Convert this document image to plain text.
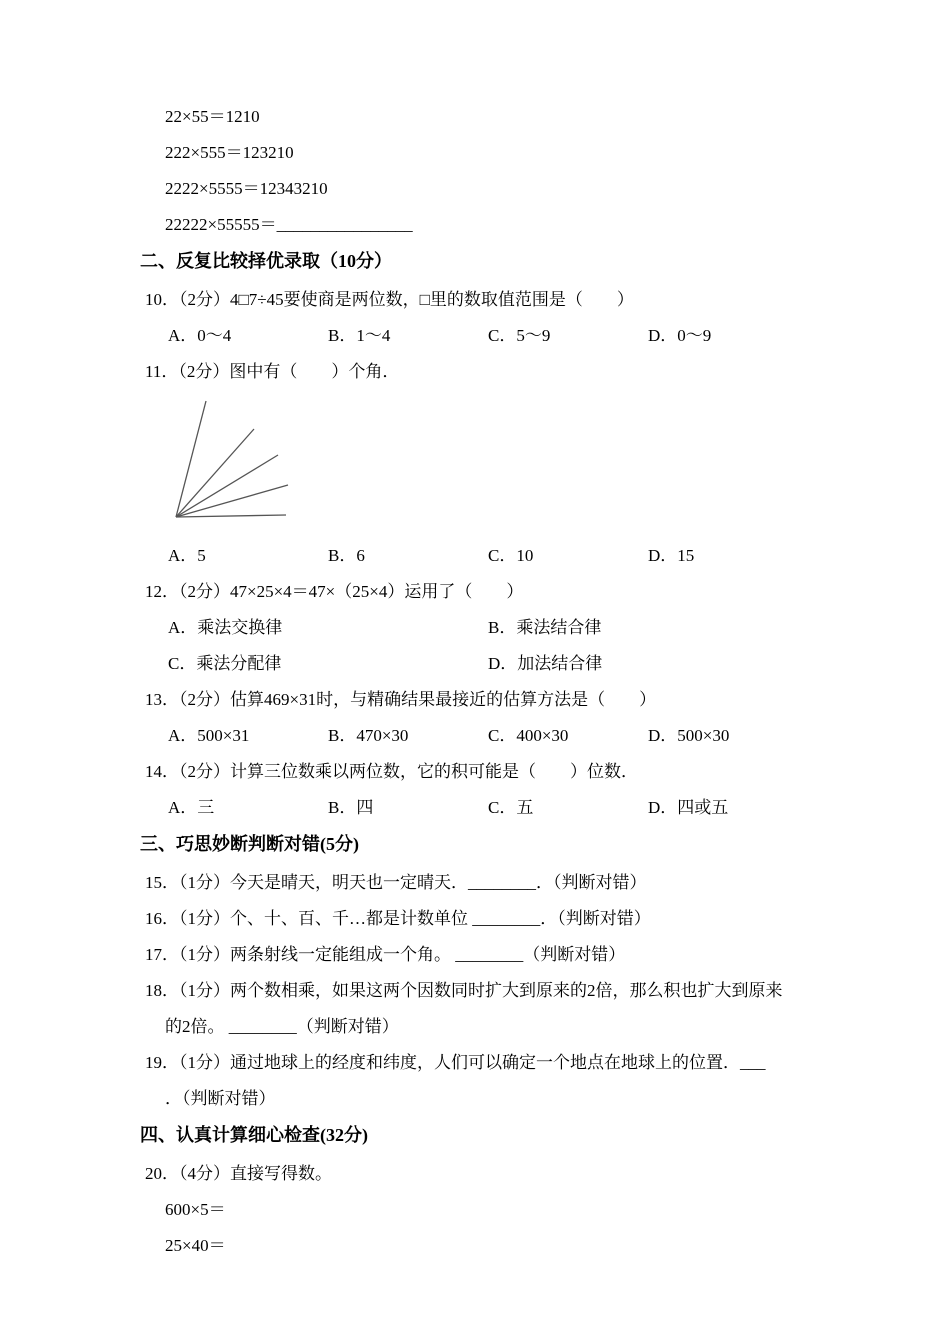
22×55＝1210
222×555＝123210
2222×5555＝12343210
22222×55555＝________________
二、反复比较择优录取（10分）
10．（2分）4□7÷45要使商是两位数，□里的数取值范围是（　　）
A．0～4	B．1～4	C．5～9	D．0～9
11．（2分）图中有（　　）个角．
A．5	B．6	C．10	D．15
12．（2分）47×25×4＝47×（25×4）运用了（　　）
A．乘法交换律	B．乘法结合律
C．乘法分配律	D．加法结合律
13．（2分）估算469×31时，与精确结果最接近的估算方法是（　　）
A．500×31	B．470×30	C．400×30	D．500×30
14．（2分）计算三位数乘以两位数，它的积可能是（　　）位数．
A．三	B．四	C．五	D．四或五
三、巧思妙断判断对错(5分)
15．（1分）今天是晴天，明天也一定晴天．________．（判断对错）
16．（1分）个、十、百、千…都是计数单位 ________．（判断对错）
17．（1分）两条射线一定能组成一个角。 ________（判断对错）
18．（1分）两个数相乘，如果这两个因数同时扩大到原来的2倍，那么积也扩大到原来
的2倍。 ________（判断对错）
19．（1分）通过地球上的经度和纬度，人们可以确定一个地点在地球上的位置．___
．（判断对错）
四、认真计算细心检查(32分)
20．（4分）直接写得数。
600×5＝
25×40＝
